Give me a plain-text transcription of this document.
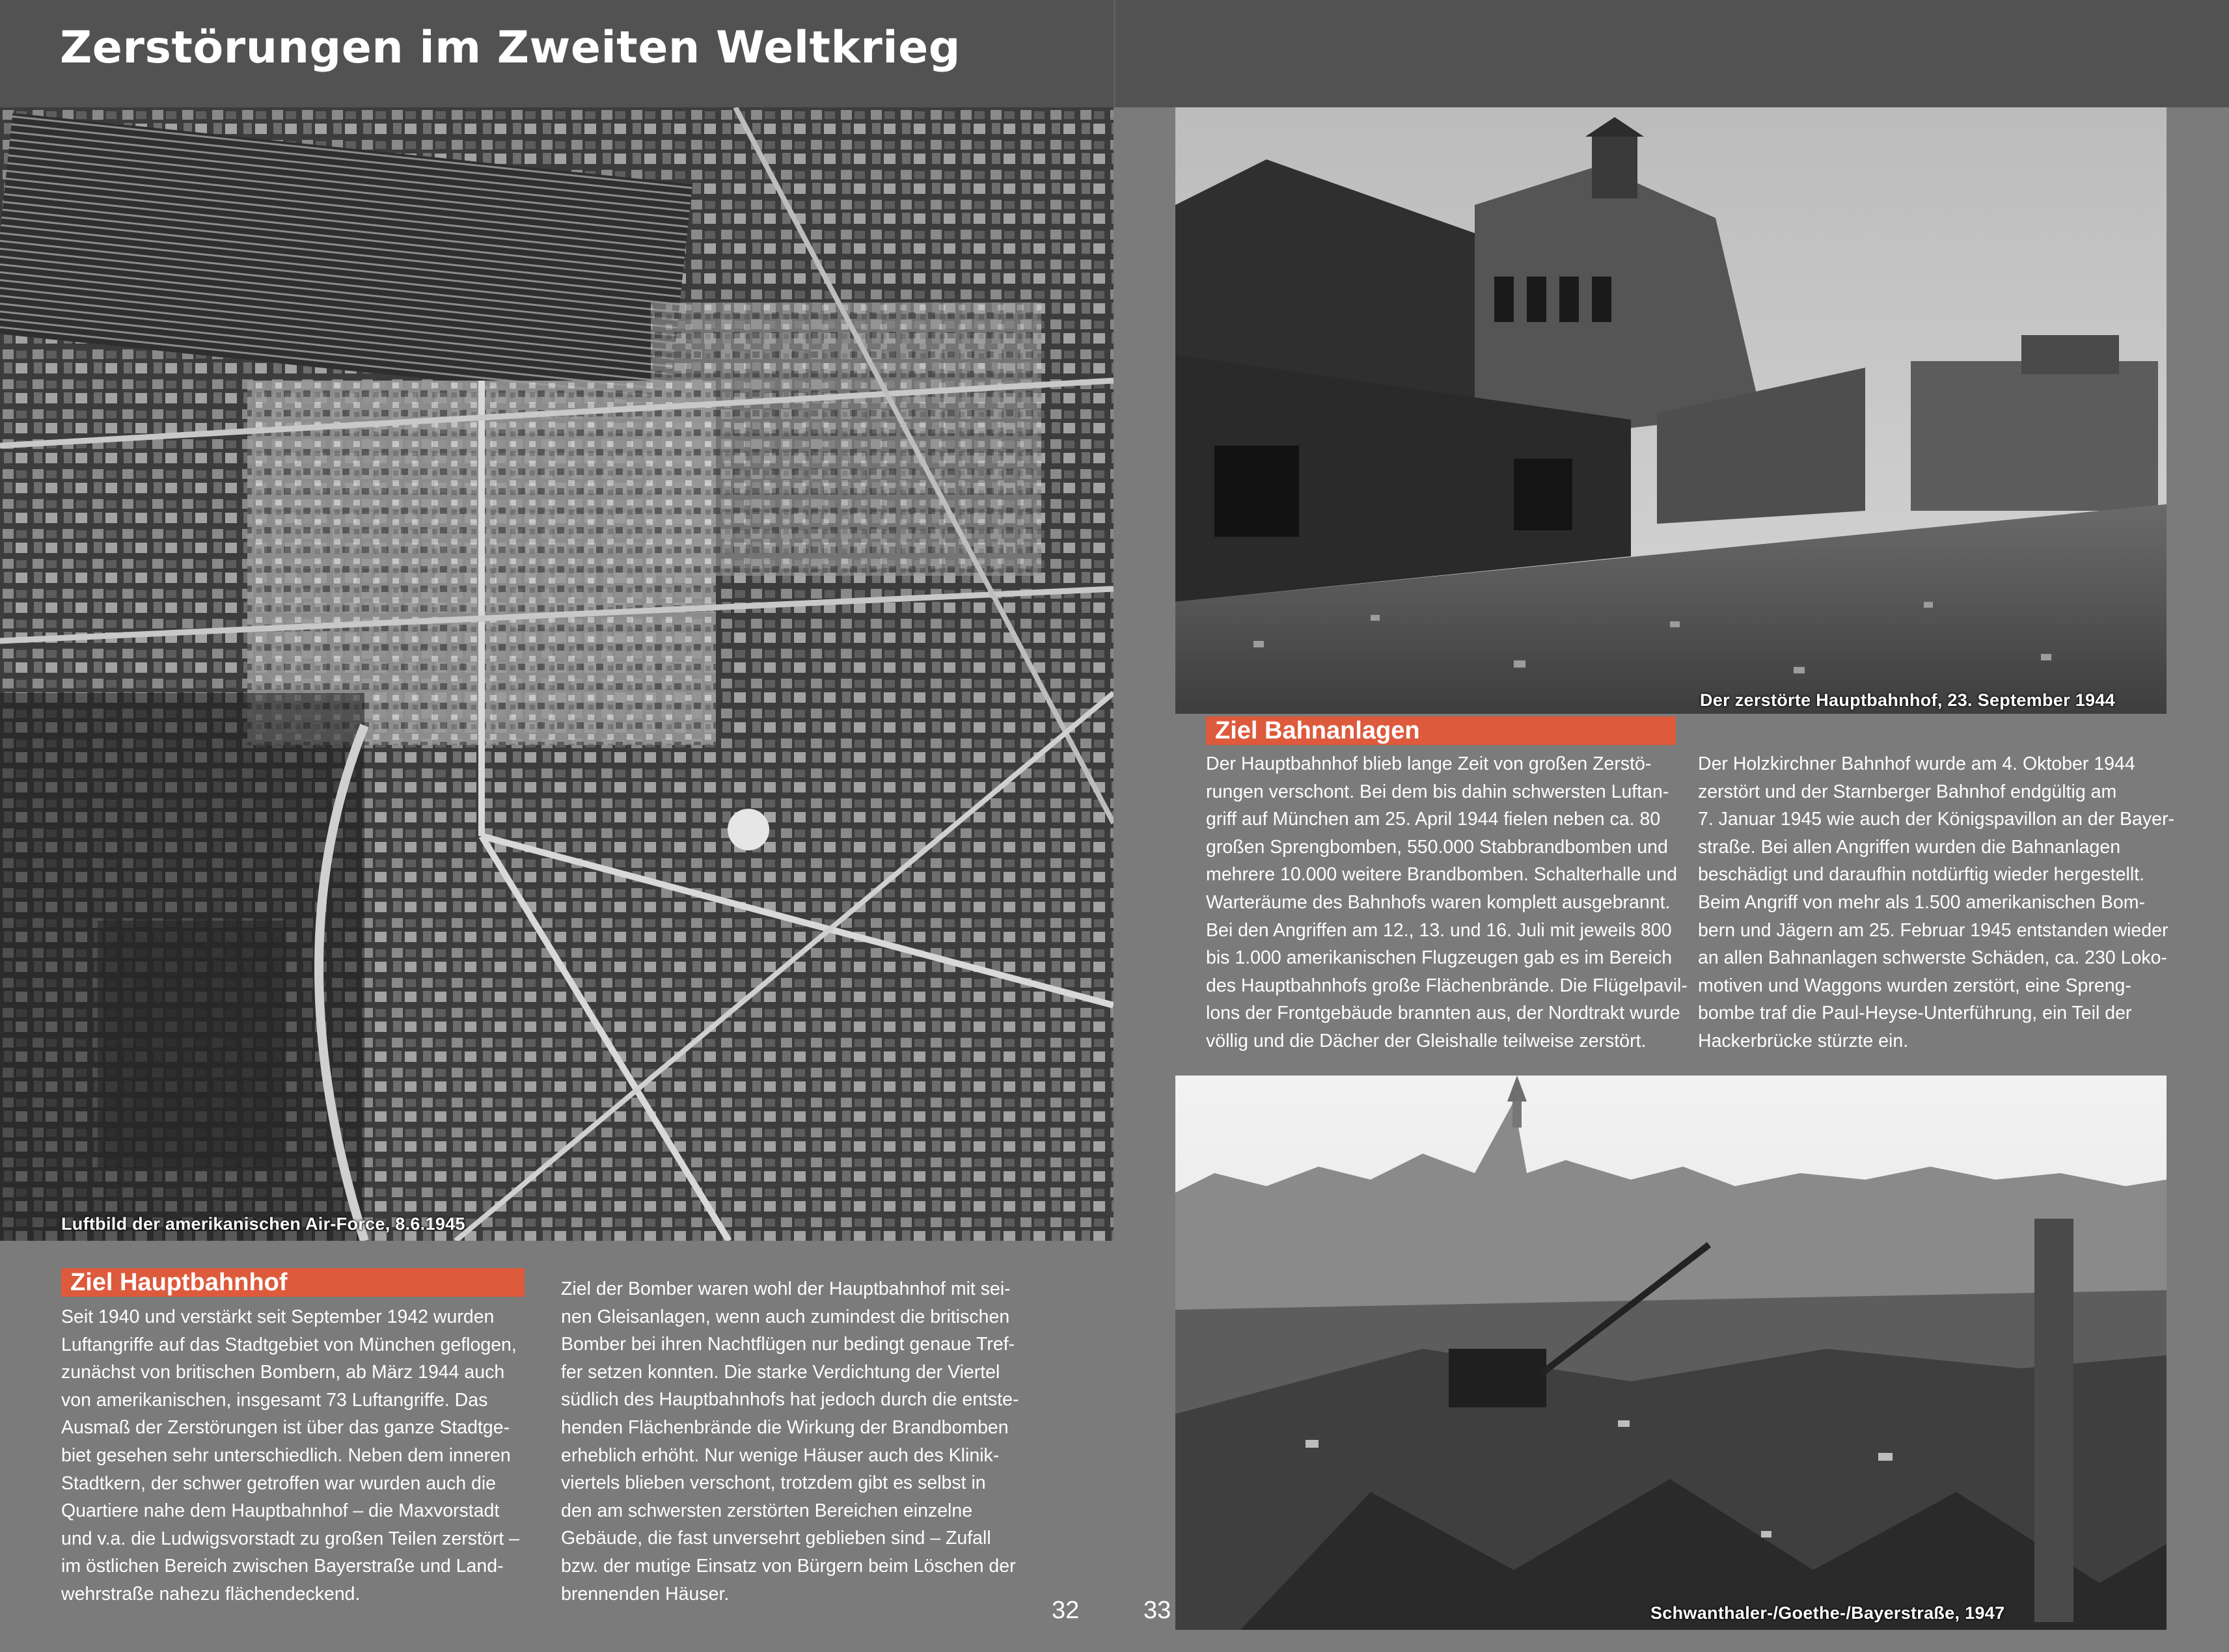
Zerstörungen im Zweiten Weltkrieg
Luftbild der amerikanischen Air-Force, 8.6.1945
Ziel Hauptbahnhof
Seit 1940 und verstärkt seit September 1942 wurden
Luftangriffe auf das Stadtgebiet von München geflogen,
zunächst von britischen Bombern, ab März 1944 auch
von amerikanischen, insgesamt 73 Luftangriffe. Das
Ausmaß der Zerstörungen ist über das ganze Stadtge-
biet gesehen sehr unterschiedlich. Neben dem inneren
Stadtkern, der schwer getroffen war wurden auch die
Quartiere nahe dem Hauptbahnhof – die Maxvorstadt
und v.a. die Ludwigsvorstadt zu großen Teilen zerstört –
im östlichen Bereich zwischen Bayerstraße und Land-
wehrstraße nahezu flächendeckend.
Ziel der Bomber waren wohl der Hauptbahnhof mit sei-
nen Gleisanlagen, wenn auch zumindest die britischen
Bomber bei ihren Nachtflügen nur bedingt genaue Tref-
fer setzen konnten. Die starke Verdichtung der Viertel
südlich des Hauptbahnhofs hat jedoch durch die entste-
henden Flächenbrände die Wirkung der Brandbomben
erheblich erhöht. Nur wenige Häuser auch des Klinik-
viertels blieben verschont, trotzdem gibt es selbst in
den am schwersten zerstörten Bereichen einzelne
Gebäude, die fast unversehrt geblieben sind – Zufall
bzw. der mutige Einsatz von Bürgern beim Löschen der
brennenden Häuser.
32
Der zerstörte Hauptbahnhof, 23. September 1944
Ziel Bahnanlagen
Der Hauptbahnhof blieb lange Zeit von großen Zerstö-
rungen verschont. Bei dem bis dahin schwersten Luftan-
griff auf München am 25. April 1944 fielen neben ca. 80
großen Sprengbomben, 550.000 Stabbrandbomben und
mehrere 10.000 weitere Brandbomben. Schalterhalle und
Warteräume des Bahnhofs waren komplett ausgebrannt.
Bei den Angriffen am 12., 13. und 16. Juli mit jeweils 800
bis 1.000 amerikanischen Flugzeugen gab es im Bereich
des Hauptbahnhofs große Flächenbrände. Die Flügelpavil-
lons der Frontgebäude brannten aus, der Nordtrakt wurde
völlig und die Dächer der Gleishalle teilweise zerstört.
Der Holzkirchner Bahnhof wurde am 4. Oktober 1944
zerstört und der Starnberger Bahnhof endgültig am
7. Januar 1945 wie auch der Königspavillon an der Bayer-
straße. Bei allen Angriffen wurden die Bahnanlagen
beschädigt und daraufhin notdürftig wieder hergestellt.
Beim Angriff von mehr als 1.500 amerikanischen Bom-
bern und Jägern am 25. Februar 1945 entstanden wieder
an allen Bahnanlagen schwerste Schäden, ca. 230 Loko-
motiven und Waggons wurden zerstört, eine Spreng-
bombe traf die Paul-Heyse-Unterführung, ein Teil der
Hackerbrücke stürzte ein.
Schwanthaler-/Goethe-/Bayerstraße, 1947
33
